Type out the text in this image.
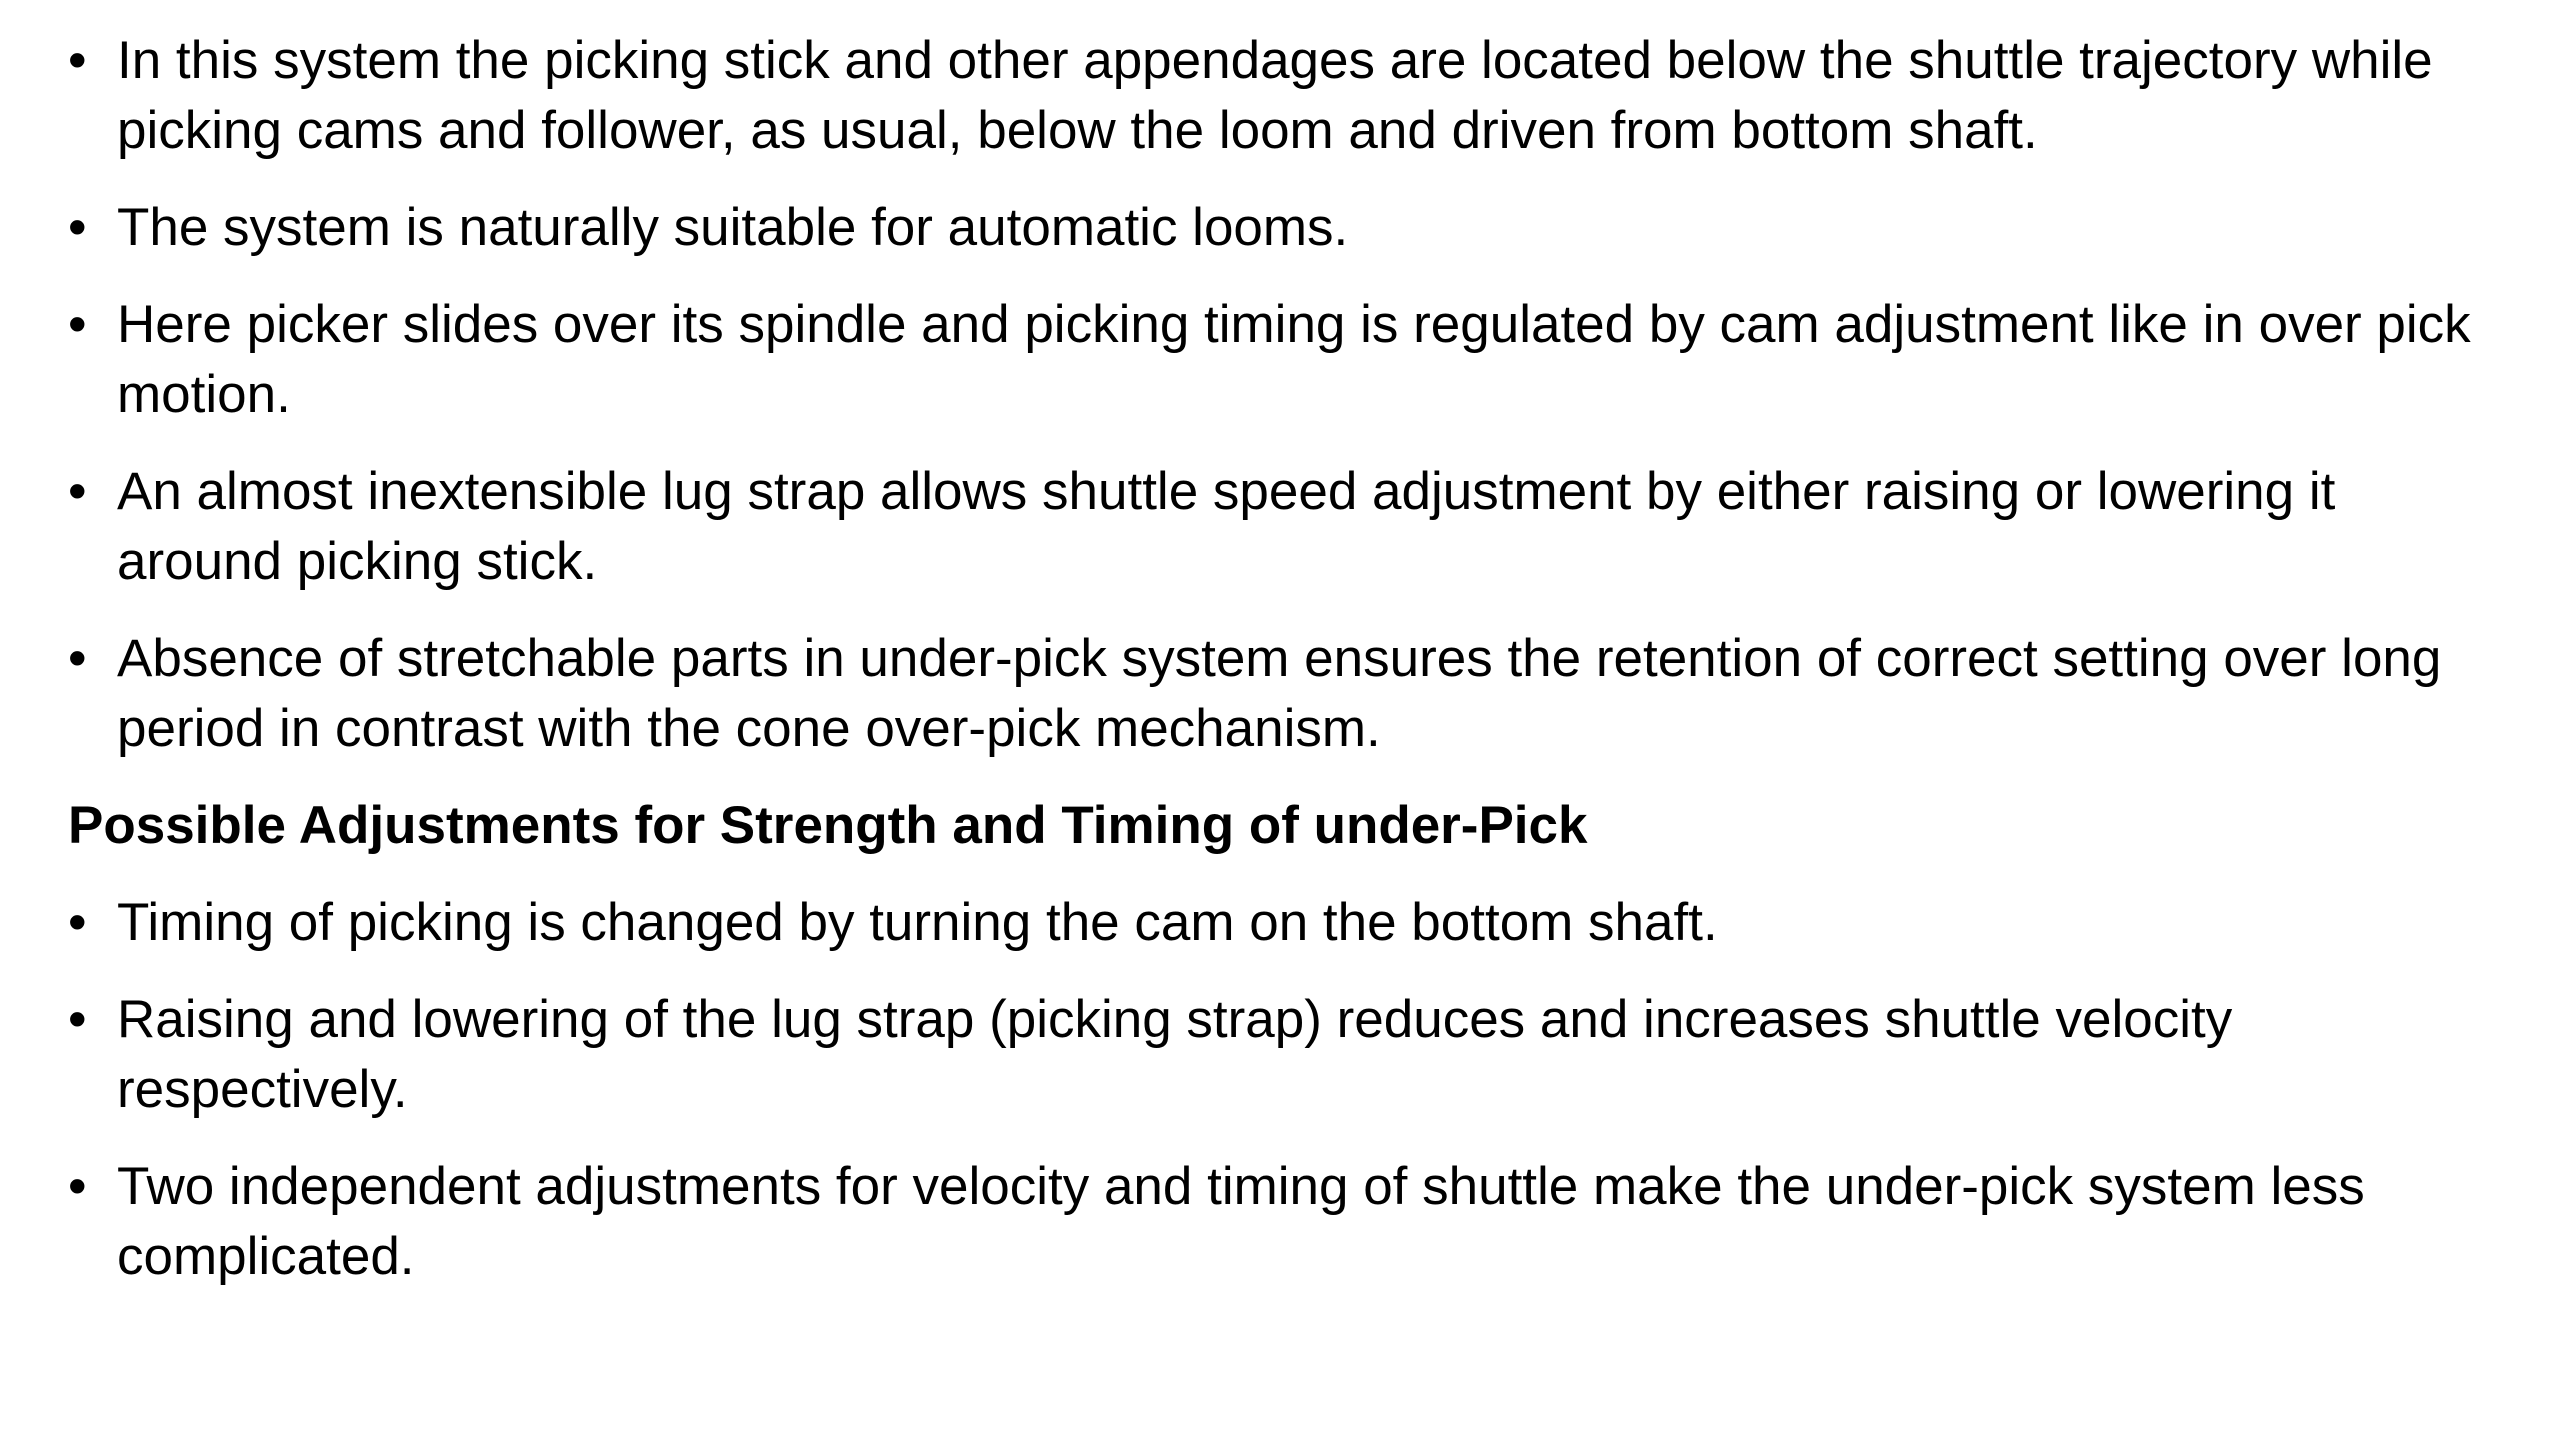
• In this system the picking stick and other appendages are located below the shuttle trajectory while picking cams and follower, as usual, below the loom and driven from bottom shaft.
• The system is naturally suitable for automatic looms.
• Here picker slides over its spindle and picking timing is regulated by cam adjustment like in over pick motion.
• An almost inextensible lug strap allows shuttle speed adjustment by either raising or lowering it around picking stick.
• Absence of stretchable parts in under-pick system ensures the retention of correct setting over long period in contrast with the cone over-pick mechanism.
Possible Adjustments for Strength and Timing of under-Pick
• Timing of picking is changed by turning the cam on the bottom shaft.
• Raising and lowering of the lug strap (picking strap) reduces and increases shuttle velocity respectively.
• Two independent adjustments for velocity and timing of shuttle make the under-pick system less complicated.
